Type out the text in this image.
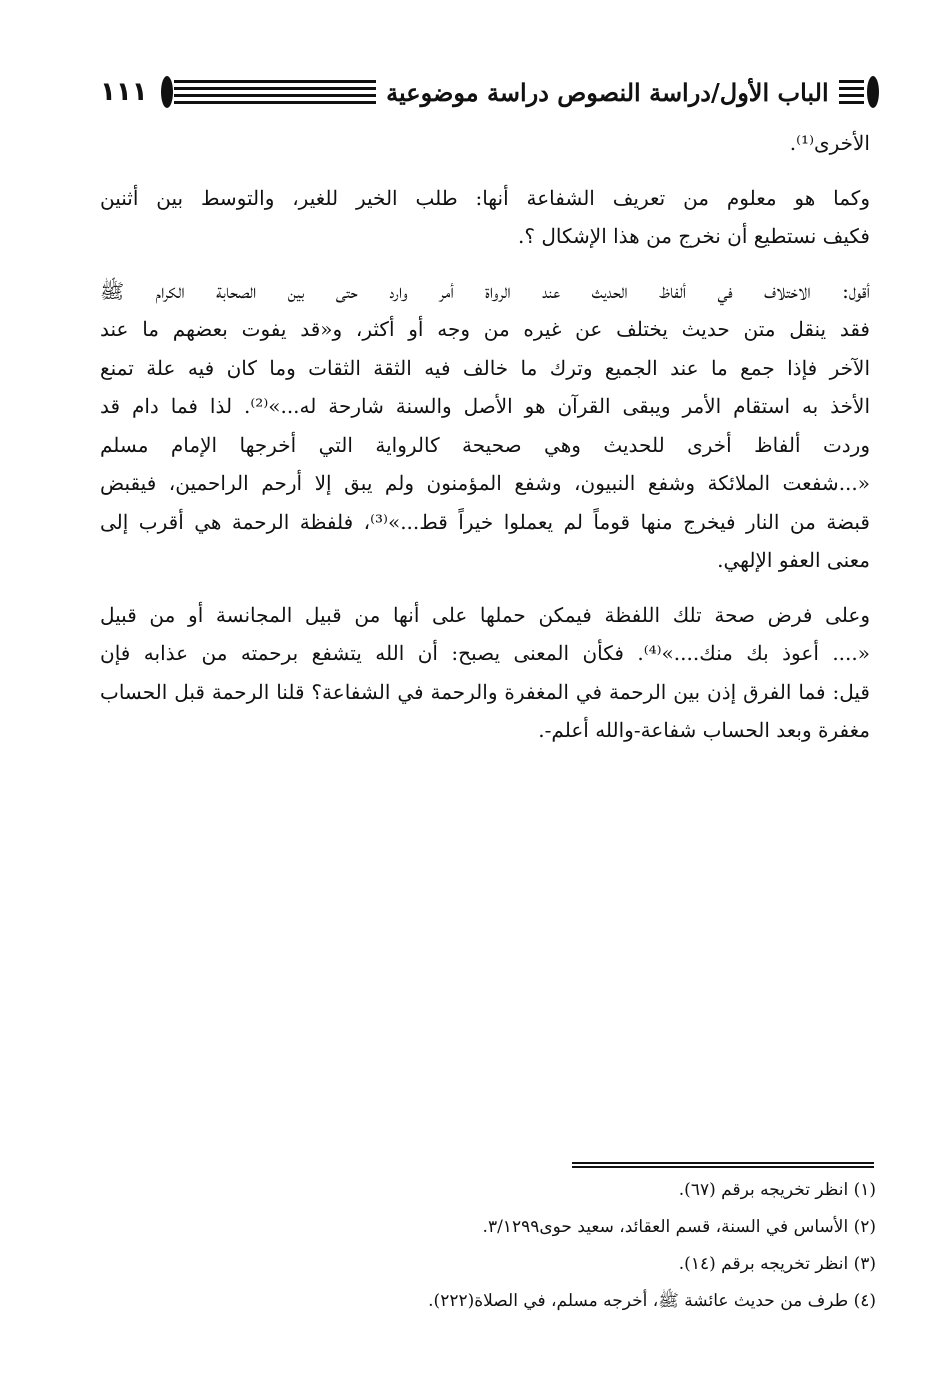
١١١	الباب الأول/دراسة النصوص دراسة موضوعية
الأخرى⁽¹⁾.
وكما هو معلوم من تعريف الشفاعة أنها: طلب الخير للغير، والتوسط بين أثنين
فكيف نستطيع أن نخرج من هذا الإشكال ؟.
أقول: الاختلاف في ألفاظ الحديث عند الرواة أمر وارد حتى بين الصحابة الكرام ﷺ
فقد ينقل متن حديث يختلف عن غيره من وجه أو أكثر، و«قد يفوت بعضهم ما عند
الآخر فإذا جمع ما عند الجميع وترك ما خالف فيه الثقة الثقات وما كان فيه علة تمنع
الأخذ به استقام الأمر ويبقى القرآن هو الأصل والسنة شارحة له...»⁽²⁾. لذا فما دام قد
وردت ألفاظ أخرى للحديث وهي صحيحة كالرواية التي أخرجها الإمام مسلم
«...شفعت الملائكة وشفع النبيون، وشفع المؤمنون ولم يبق إلا أرحم الراحمين، فيقبض
قبضة من النار فيخرج منها قوماً لم يعملوا خيراً قط...»⁽³⁾، فلفظة الرحمة هي أقرب إلى
معنى العفو الإلهي.
وعلى فرض صحة تلك اللفظة فيمكن حملها على أنها من قبيل المجانسة أو من قبيل
«.... أعوذ بك منك....»⁽⁴⁾. فكأن المعنى يصبح: أن الله يتشفع برحمته من عذابه فإن
قيل: فما الفرق إذن بين الرحمة في المغفرة والرحمة في الشفاعة؟ قلنا الرحمة قبل الحساب
مغفرة وبعد الحساب شفاعة-والله أعلم-.
(١) انظر تخريجه برقم (٦٧).
(٢) الأساس في السنة، قسم العقائد، سعيد حوى٣/١٢٩٩.
(٣) انظر تخريجه برقم (١٤).
(٤) طرف من حديث عائشة ﷺ، أخرجه مسلم، في الصلاة(٢٢٢).
